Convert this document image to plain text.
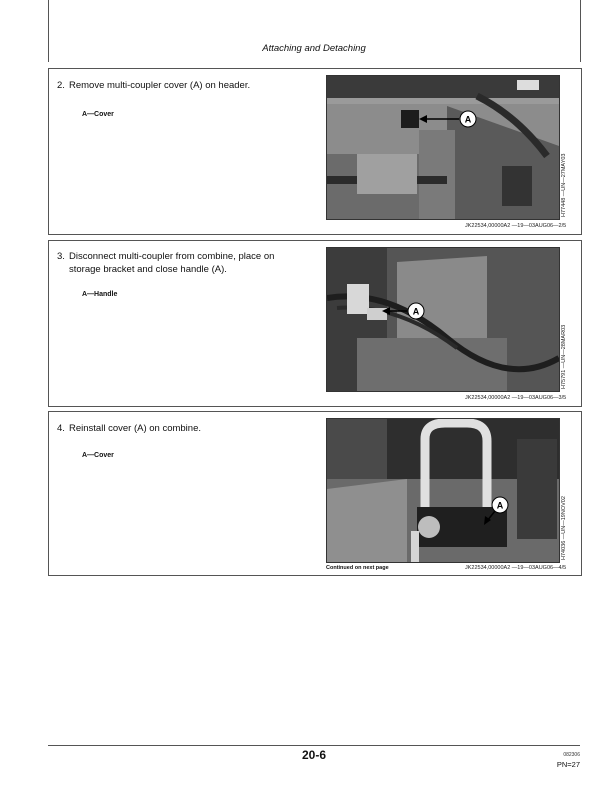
Attaching and Detaching
2. Remove multi-coupler cover (A) on header.
A—Cover	A
H77448 —UN—27MAY03
JK22534,00000A2 —19—03AUG06—2/5
3. Disconnect multi-coupler from combine, place on storage bracket and close handle (A).
A—Handle
A
H75791 —UN—28MAR03
JK22534,00000A2 —19—03AUG06—3/5
4. Reinstall cover (A) on combine.
A—Cover
A	H74036 —UN—19NOV02
Continued on next page	JK22534,00000A2 —19—03AUG06—4/5
20-6	082306
PN=27
